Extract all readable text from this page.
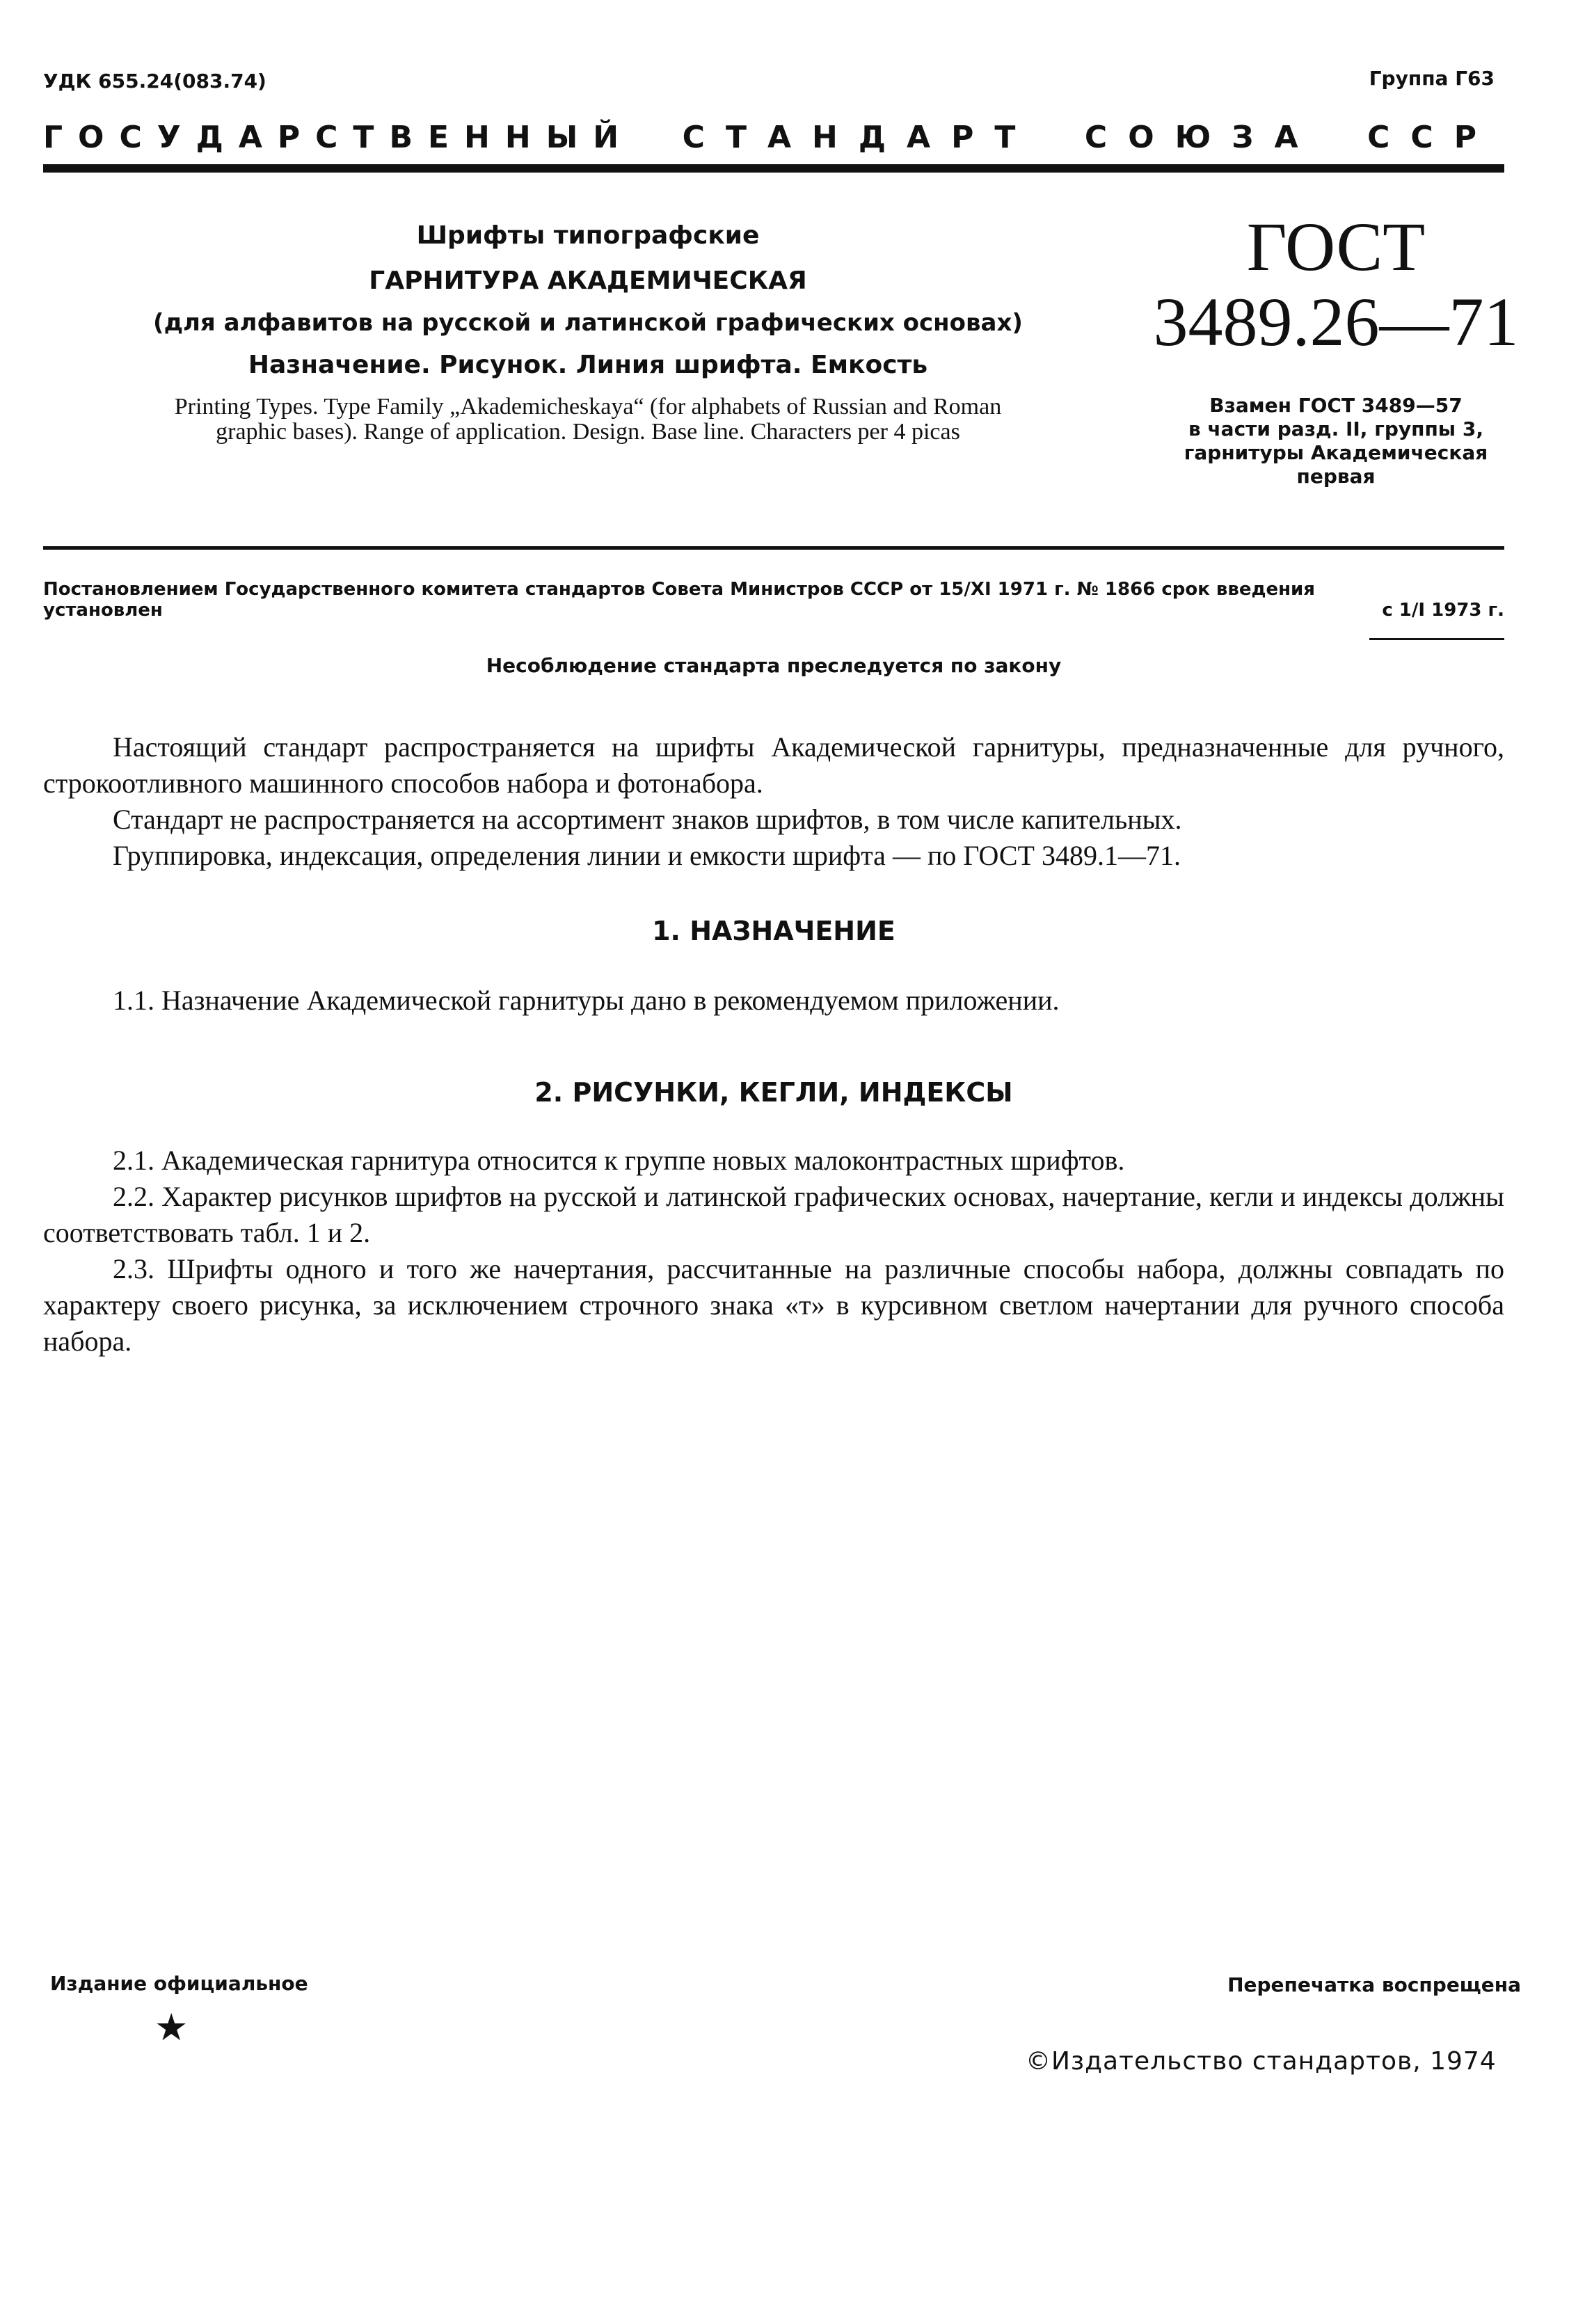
УДК 655.24(083.74)	Группа Г63
ГОСУДАРСТВЕННЫЙ СТАНДАРТ СОЮЗА ССР
Шрифты типографские
ГАРНИТУРА АКАДЕМИЧЕСКАЯ
(для алфавитов на русской и латинской графических основах)
Назначение. Рисунок. Линия шрифта. Емкость
Printing Types. Type Family „Akademicheskaya“ (for alphabets of Russian and Roman graphic bases). Range of application. Design. Base line. Characters per 4 picas
ГОСТ
3489.26—71
Взамен ГОСТ 3489—57
в части разд. II, группы 3,
гарнитуры Академическая
первая
Постановлением Государственного комитета стандартов Совета Министров СССР от 15/XI 1971 г. № 1866 срок введения
установлен	с 1/I 1973 г.
Несоблюдение стандарта преследуется по закону

Настоящий стандарт распространяется на шрифты Академической гарнитуры, предназначенные для ручного, строкоотливного машинного способов набора и фотонабора.

Стандарт не распространяется на ассортимент знаков шрифтов, в том числе капительных.

Группировка, индексация, определения линии и емкости шрифта — по ГОСТ 3489.1—71.

1. НАЗНАЧЕНИЕ

1.1. Назначение Академической гарнитуры дано в рекомендуемом приложении.

2. РИСУНКИ, КЕГЛИ, ИНДЕКСЫ

2.1. Академическая гарнитура относится к группе новых малоконтрастных шрифтов.

2.2. Характер рисунков шрифтов на русской и латинской графических основах, начертание, кегли и индексы должны соответствовать табл. 1 и 2.

2.3. Шрифты одного и того же начертания, рассчитанные на различные способы набора, должны совпадать по характеру своего рисунка, за исключением строчного знака «т» в курсивном светлом начертании для ручного способа набора.

Издание официальное	Перепечатка воспрещена
★
©Издательство стандартов, 1974
